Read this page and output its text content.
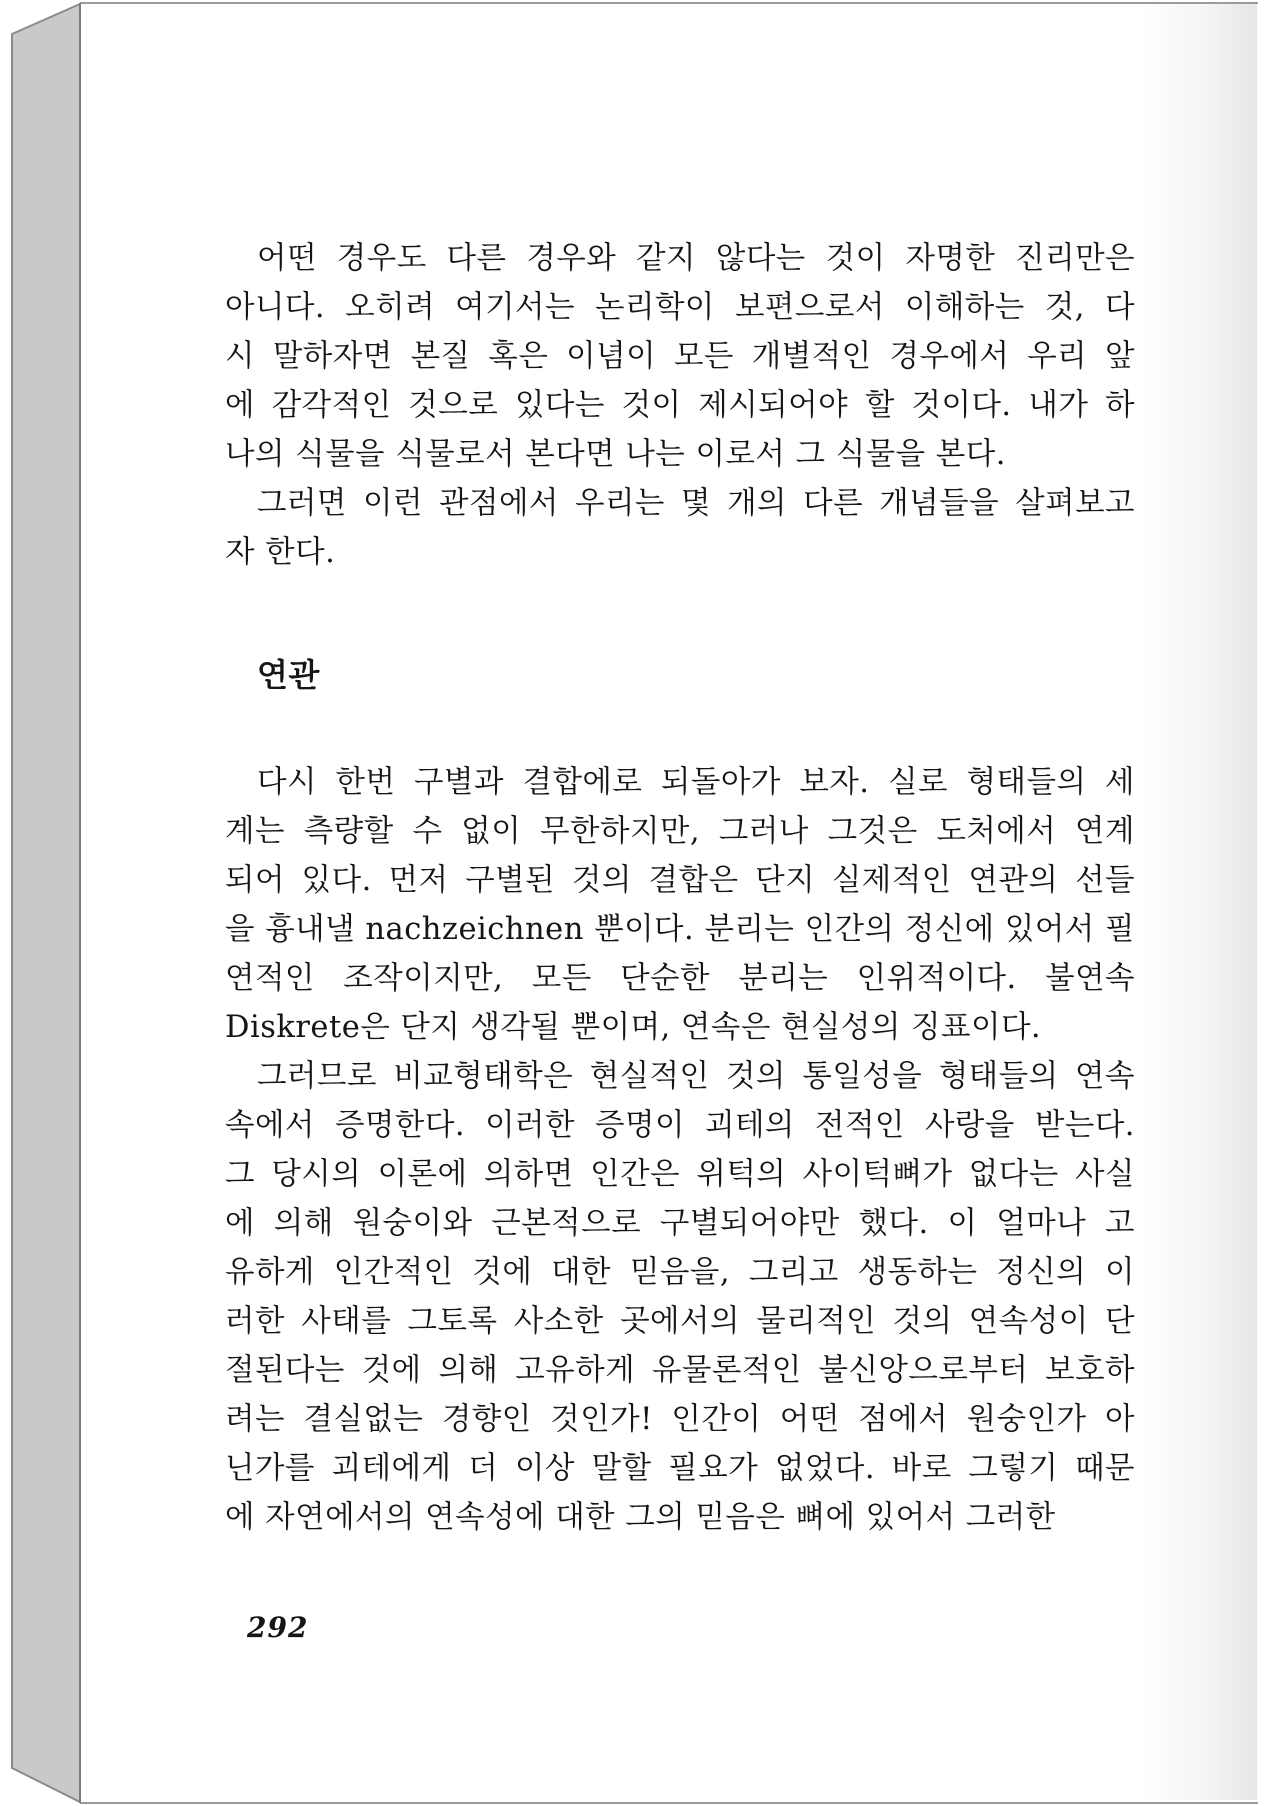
어떤 경우도 다른 경우와 같지 않다는 것이 자명한 진리만은
아니다. 오히려 여기서는 논리학이 보편으로서 이해하는 것, 다
시 말하자면 본질 혹은 이념이 모든 개별적인 경우에서 우리 앞
에 감각적인 것으로 있다는 것이 제시되어야 할 것이다. 내가 하
나의 식물을 식물로서 본다면 나는 이로서 그 식물을 본다.

그러면 이런 관점에서 우리는 몇 개의 다른 개념들을 살펴보고
자 한다.

연관

다시 한번 구별과 결합에로 되돌아가 보자. 실로 형태들의 세
계는 측량할 수 없이 무한하지만, 그러나 그것은 도처에서 연계
되어 있다. 먼저 구별된 것의 결합은 단지 실제적인 연관의 선들
을 흉내낼 nachzeichnen 뿐이다. 분리는 인간의 정신에 있어서 필
연적인 조작이지만, 모든 단순한 분리는 인위적이다. 불연속
Diskrete은 단지 생각될 뿐이며, 연속은 현실성의 징표이다.

그러므로 비교형태학은 현실적인 것의 통일성을 형태들의 연속
속에서 증명한다. 이러한 증명이 괴테의 전적인 사랑을 받는다.
그 당시의 이론에 의하면 인간은 위턱의 사이턱뼈가 없다는 사실
에 의해 원숭이와 근본적으로 구별되어야만 했다. 이 얼마나 고
유하게 인간적인 것에 대한 믿음을, 그리고 생동하는 정신의 이
러한 사태를 그토록 사소한 곳에서의 물리적인 것의 연속성이 단
절된다는 것에 의해 고유하게 유물론적인 불신앙으로부터 보호하
려는 결실없는 경향인 것인가! 인간이 어떤 점에서 원숭인가 아
닌가를 괴테에게 더 이상 말할 필요가 없었다. 바로 그렇기 때문
에 자연에서의 연속성에 대한 그의 믿음은 뼈에 있어서 그러한

292
